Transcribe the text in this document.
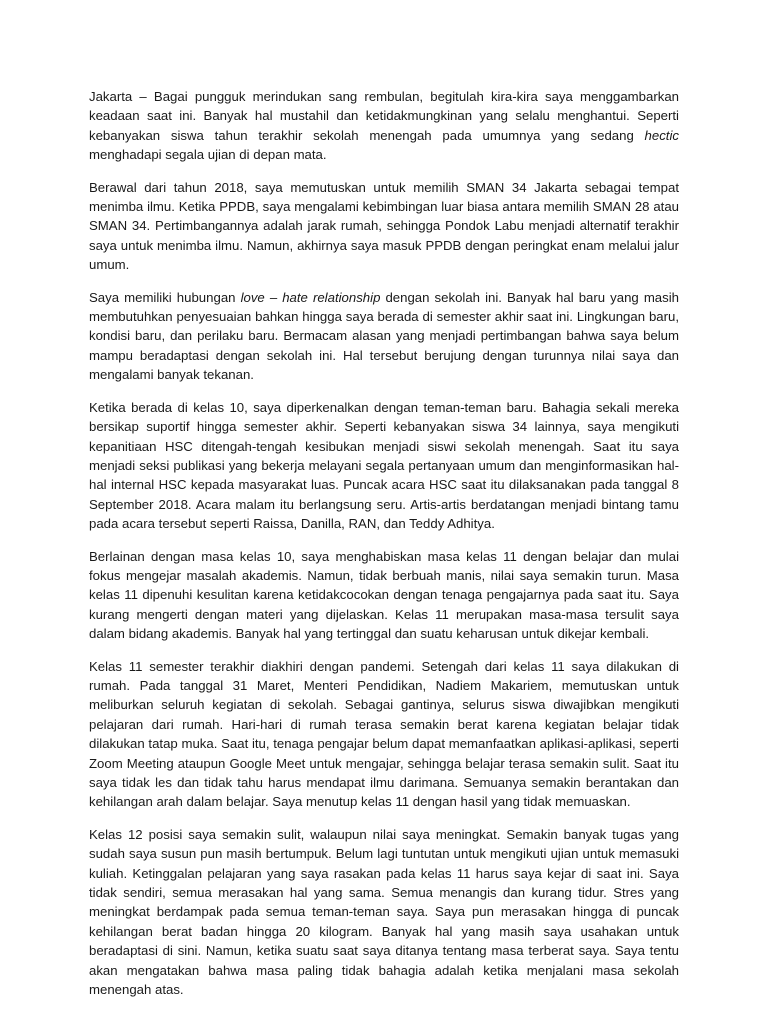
Jakarta – Bagai pungguk merindukan sang rembulan, begitulah kira-kira saya menggambarkan keadaan saat ini. Banyak hal mustahil dan ketidakmungkinan yang selalu menghantui. Seperti kebanyakan siswa tahun terakhir sekolah menengah pada umumnya yang sedang hectic menghadapi segala ujian di depan mata.

Berawal dari tahun 2018, saya memutuskan untuk memilih SMAN 34 Jakarta sebagai tempat menimba ilmu. Ketika PPDB, saya mengalami kebimbingan luar biasa antara memilih SMAN 28 atau SMAN 34. Pertimbangannya adalah jarak rumah, sehingga Pondok Labu menjadi alternatif terakhir saya untuk menimba ilmu. Namun, akhirnya saya masuk PPDB dengan peringkat enam melalui jalur umum.

Saya memiliki hubungan love – hate relationship dengan sekolah ini. Banyak hal baru yang masih membutuhkan penyesuaian bahkan hingga saya berada di semester akhir saat ini. Lingkungan baru, kondisi baru, dan perilaku baru. Bermacam alasan yang menjadi pertimbangan bahwa saya belum mampu beradaptasi dengan sekolah ini. Hal tersebut berujung dengan turunnya nilai saya dan mengalami banyak tekanan.

Ketika berada di kelas 10, saya diperkenalkan dengan teman-teman baru. Bahagia sekali mereka bersikap suportif hingga semester akhir. Seperti kebanyakan siswa 34 lainnya, saya mengikuti kepanitiaan HSC ditengah-tengah kesibukan menjadi siswi sekolah menengah. Saat itu saya menjadi seksi publikasi yang bekerja melayani segala pertanyaan umum dan menginformasikan hal-hal internal HSC kepada masyarakat luas. Puncak acara HSC saat itu dilaksanakan pada tanggal 8 September 2018. Acara malam itu berlangsung seru. Artis-artis berdatangan menjadi bintang tamu pada acara tersebut seperti Raissa, Danilla, RAN, dan Teddy Adhitya.

Berlainan dengan masa kelas 10, saya menghabiskan masa kelas 11 dengan belajar dan mulai fokus mengejar masalah akademis. Namun, tidak berbuah manis, nilai saya semakin turun. Masa kelas 11 dipenuhi kesulitan karena ketidakcocokan dengan tenaga pengajarnya pada saat itu. Saya kurang mengerti dengan materi yang dijelaskan. Kelas 11 merupakan masa-masa tersulit saya dalam bidang akademis. Banyak hal yang tertinggal dan suatu keharusan untuk dikejar kembali.

Kelas 11 semester terakhir diakhiri dengan pandemi. Setengah dari kelas 11 saya dilakukan di rumah. Pada tanggal 31 Maret, Menteri Pendidikan, Nadiem Makariem, memutuskan untuk meliburkan seluruh kegiatan di sekolah. Sebagai gantinya, selurus siswa diwajibkan mengikuti pelajaran dari rumah. Hari-hari di rumah terasa semakin berat karena kegiatan belajar tidak dilakukan tatap muka. Saat itu, tenaga pengajar belum dapat memanfaatkan aplikasi-aplikasi, seperti Zoom Meeting ataupun Google Meet untuk mengajar, sehingga belajar terasa semakin sulit. Saat itu saya tidak les dan tidak tahu harus mendapat ilmu darimana. Semuanya semakin berantakan dan kehilangan arah dalam belajar. Saya menutup kelas 11 dengan hasil yang tidak memuaskan.

Kelas 12 posisi saya semakin sulit, walaupun nilai saya meningkat. Semakin banyak tugas yang sudah saya susun pun masih bertumpuk. Belum lagi tuntutan untuk mengikuti ujian untuk memasuki kuliah. Ketinggalan pelajaran yang saya rasakan pada kelas 11 harus saya kejar di saat ini. Saya tidak sendiri, semua merasakan hal yang sama. Semua menangis dan kurang tidur. Stres yang meningkat berdampak pada semua teman-teman saya. Saya pun merasakan hingga di puncak kehilangan berat badan hingga 20 kilogram. Banyak hal yang masih saya usahakan untuk beradaptasi di sini. Namun, ketika suatu saat saya ditanya tentang masa terberat saya. Saya tentu akan mengatakan bahwa masa paling tidak bahagia adalah ketika menjalani masa sekolah menengah atas.
